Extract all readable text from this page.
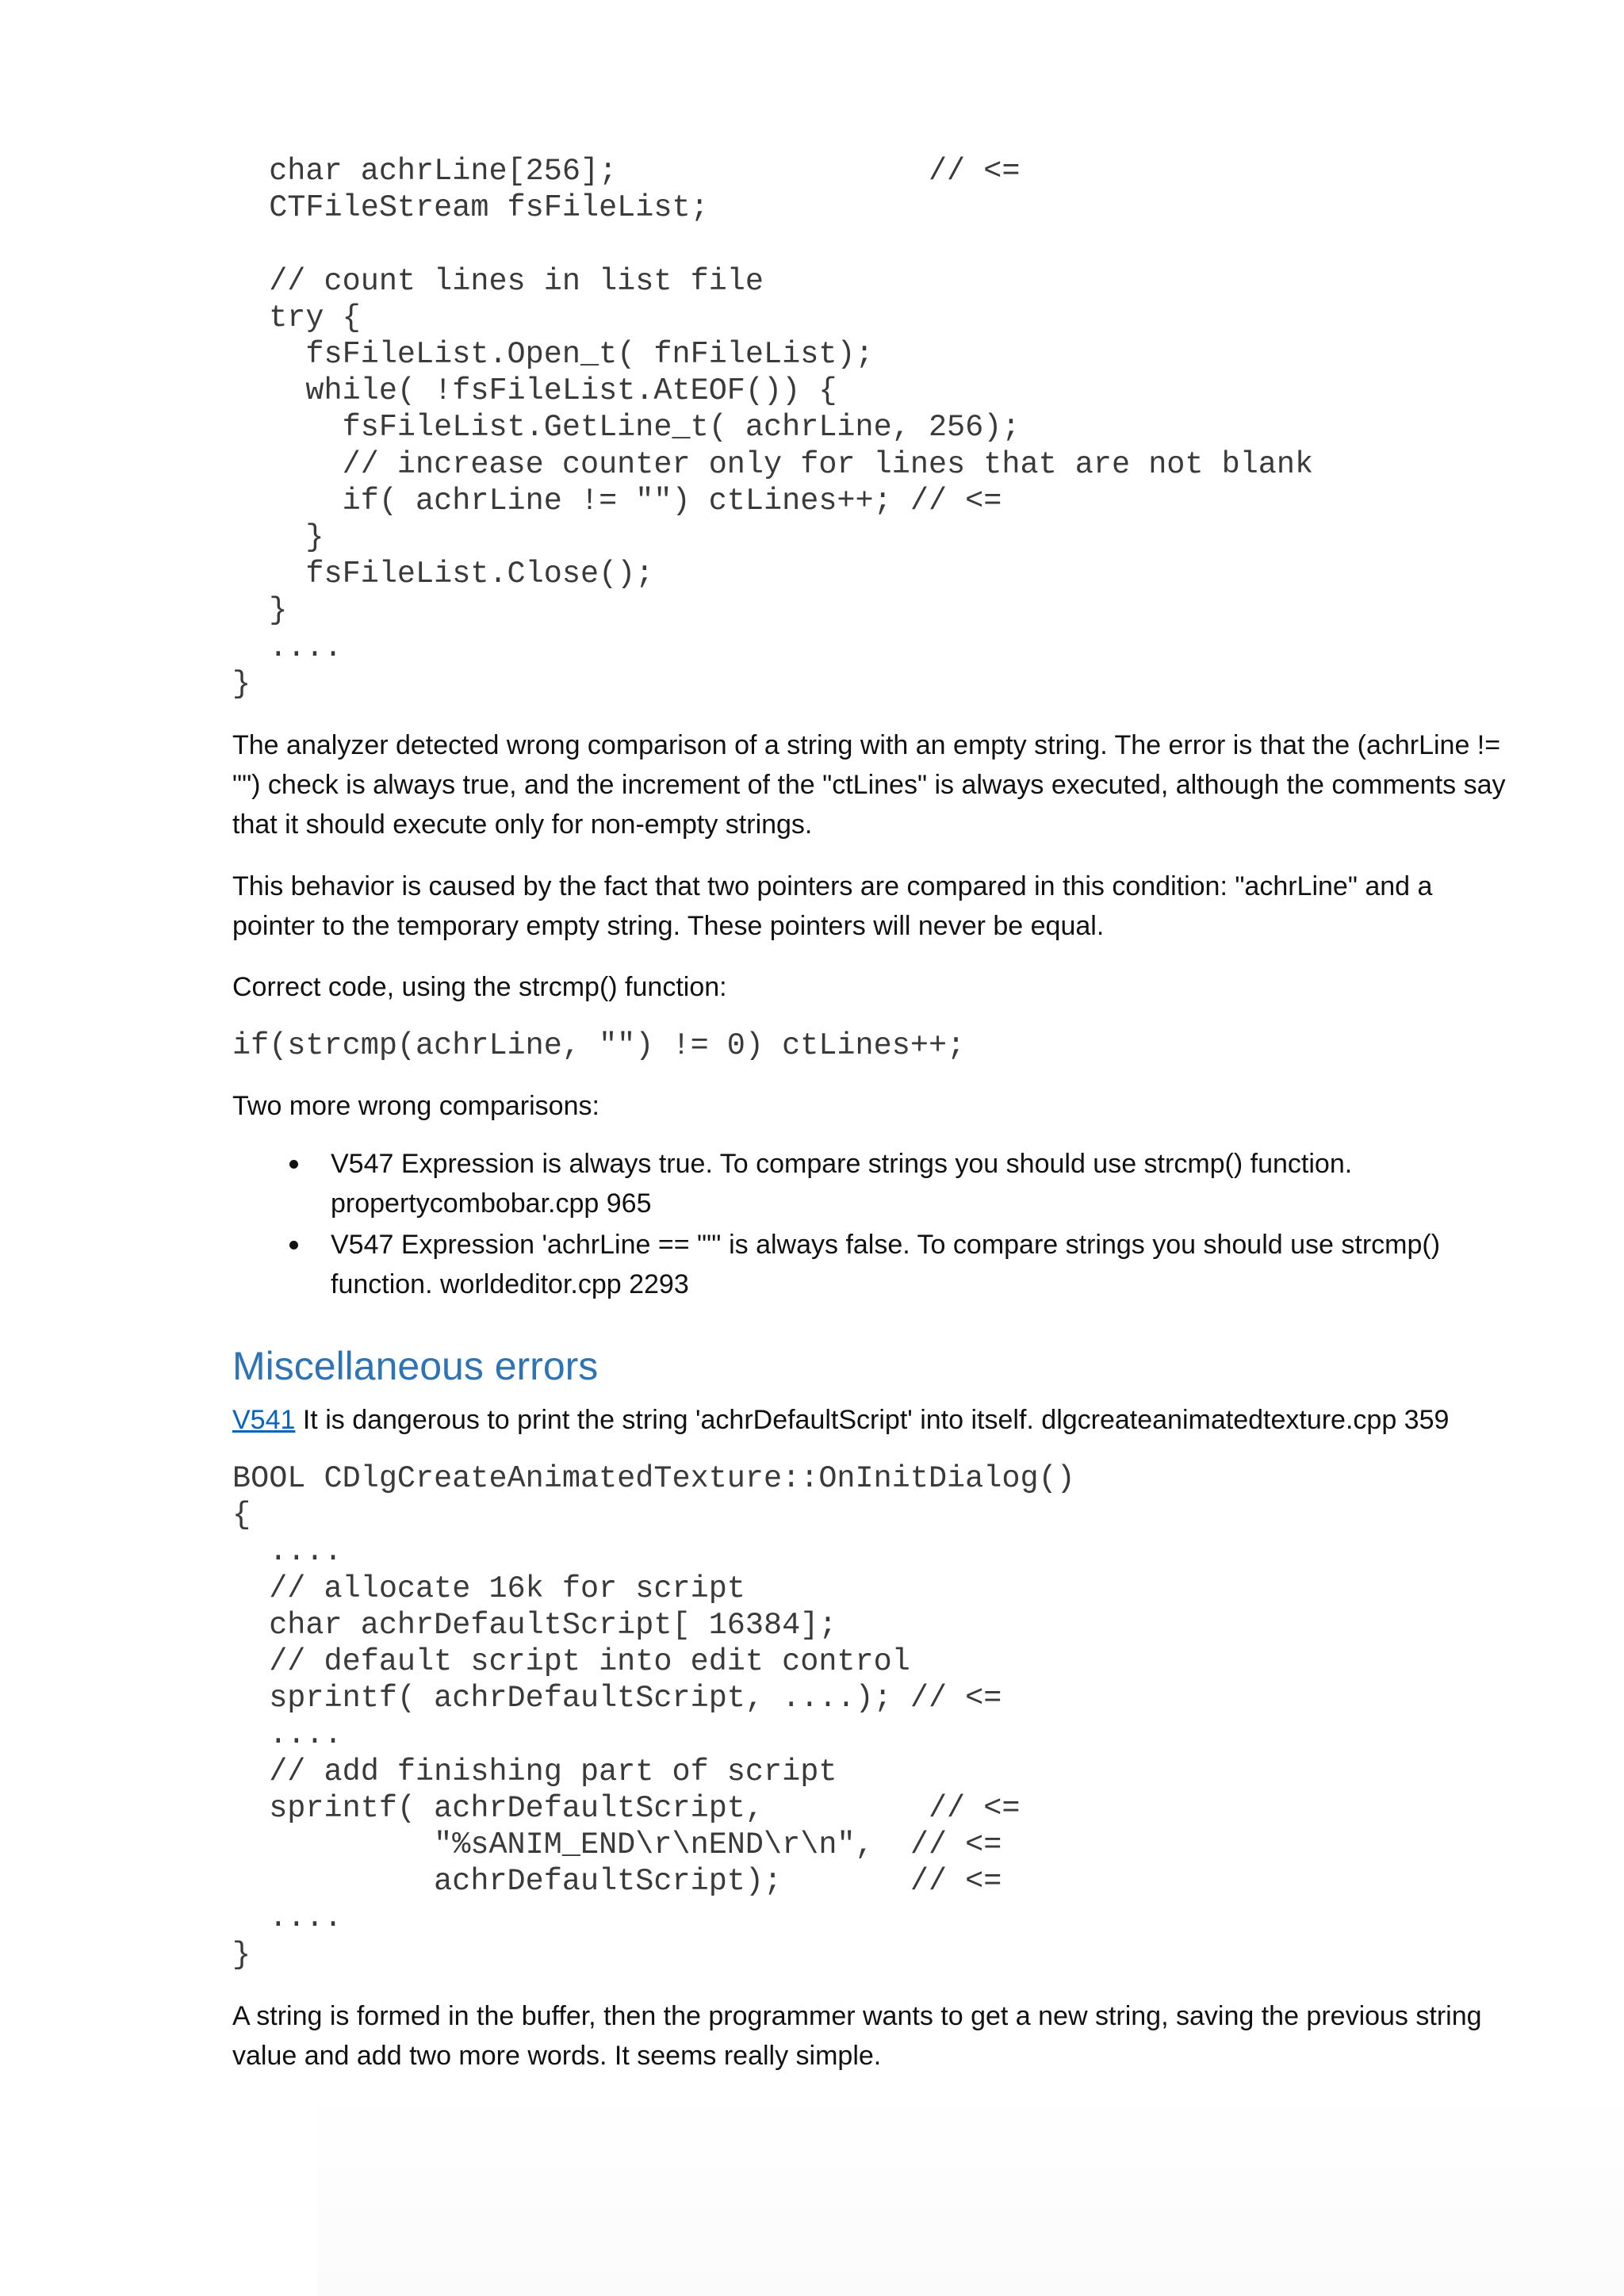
char achrLine[256];                 // <=
CTFileStream fsFileList;

// count lines in list file
try {
fsFileList.Open_t( fnFileList);
while( !fsFileList.AtEOF()) {
fsFileList.GetLine_t( achrLine, 256);
// increase counter only for lines that are not blank
if( achrLine != "") ctLines++; // <=
}
fsFileList.Close();
}
....
}

The analyzer detected wrong comparison of a string with an empty string. The error is that the (achrLine != "") check is always true, and the increment of the "ctLines" is always executed, although the comments say that it should execute only for non-empty strings.

This behavior is caused by the fact that two pointers are compared in this condition: "achrLine" and a pointer to the temporary empty string. These pointers will never be equal.

Correct code, using the strcmp() function:

if(strcmp(achrLine, "") != 0) ctLines++;

Two more wrong comparisons:

V547 Expression is always true. To compare strings you should use strcmp() function. propertycombobar.cpp 965
V547 Expression 'achrLine == ""' is always false. To compare strings you should use strcmp() function. worldeditor.cpp 2293
Miscellaneous errors

V541 It is dangerous to print the string 'achrDefaultScript' into itself. dlgcreateanimatedtexture.cpp 359

BOOL CDlgCreateAnimatedTexture::OnInitDialog()
{
....
// allocate 16k for script
char achrDefaultScript[ 16384];
// default script into edit control
sprintf( achrDefaultScript, ....); // <=
....
// add finishing part of script
sprintf( achrDefaultScript,         // <=
"%sANIM_END\r\nEND\r\n",  // <=
achrDefaultScript);       // <=
....
}

A string is formed in the buffer, then the programmer wants to get a new string, saving the previous string value and add two more words. It seems really simple.
